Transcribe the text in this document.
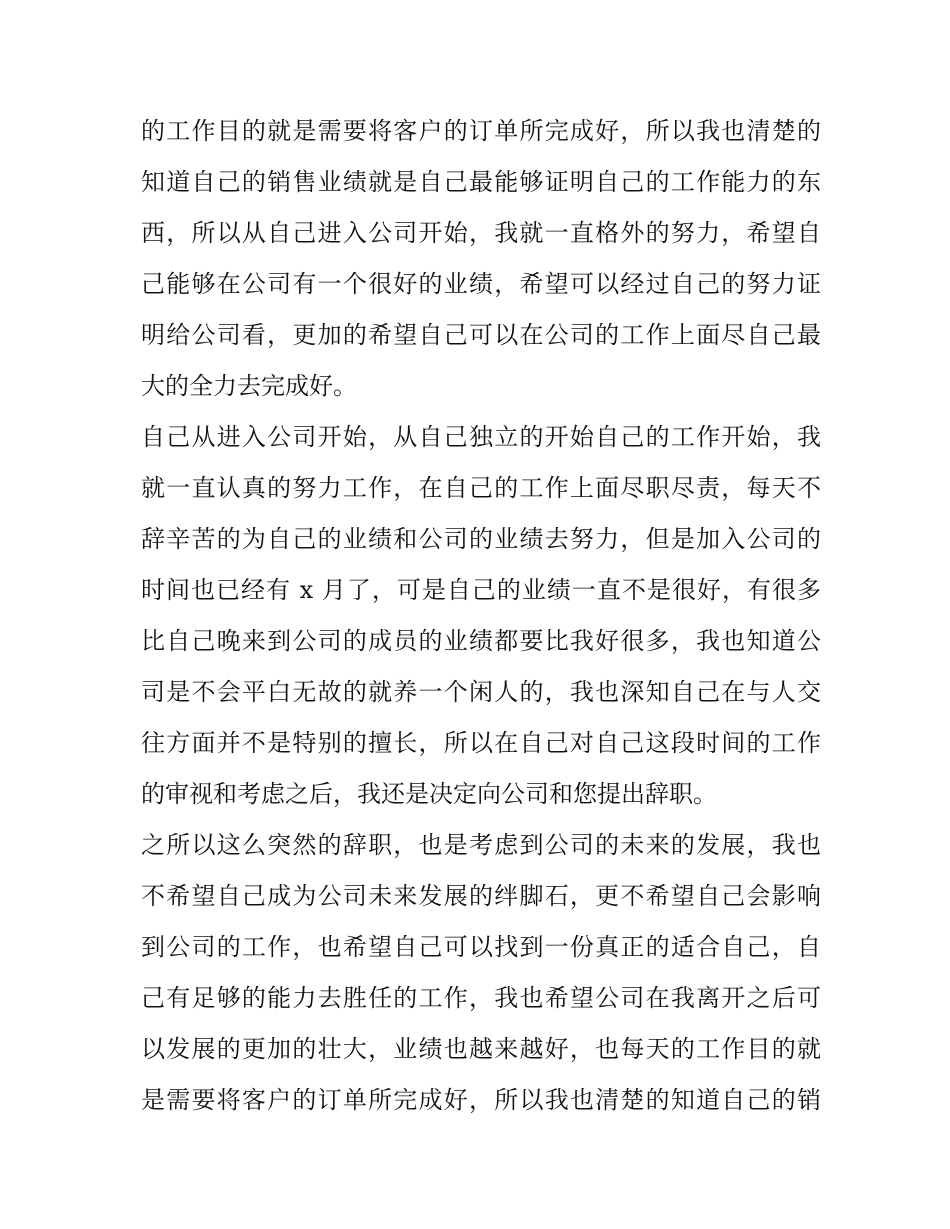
的工作目的就是需要将客户的订单所完成好，所以我也清楚的
知道自己的销售业绩就是自己最能够证明自己的工作能力的东
西，所以从自己进入公司开始，我就一直格外的努力，希望自
己能够在公司有一个很好的业绩，希望可以经过自己的努力证
明给公司看，更加的希望自己可以在公司的工作上面尽自己最
大的全力去完成好。
自己从进入公司开始，从自己独立的开始自己的工作开始，我
就一直认真的努力工作，在自己的工作上面尽职尽责，每天不
辞辛苦的为自己的业绩和公司的业绩去努力，但是加入公司的
时间也已经有 x 月了，可是自己的业绩一直不是很好，有很多
比自己晚来到公司的成员的业绩都要比我好很多，我也知道公
司是不会平白无故的就养一个闲人的，我也深知自己在与人交
往方面并不是特别的擅长，所以在自己对自己这段时间的工作
的审视和考虑之后，我还是决定向公司和您提出辞职。
之所以这么突然的辞职，也是考虑到公司的未来的发展，我也
不希望自己成为公司未来发展的绊脚石，更不希望自己会影响
到公司的工作，也希望自己可以找到一份真正的适合自己，自
己有足够的能力去胜任的工作，我也希望公司在我离开之后可
以发展的更加的壮大，业绩也越来越好，也每天的工作目的就
是需要将客户的订单所完成好，所以我也清楚的知道自己的销
